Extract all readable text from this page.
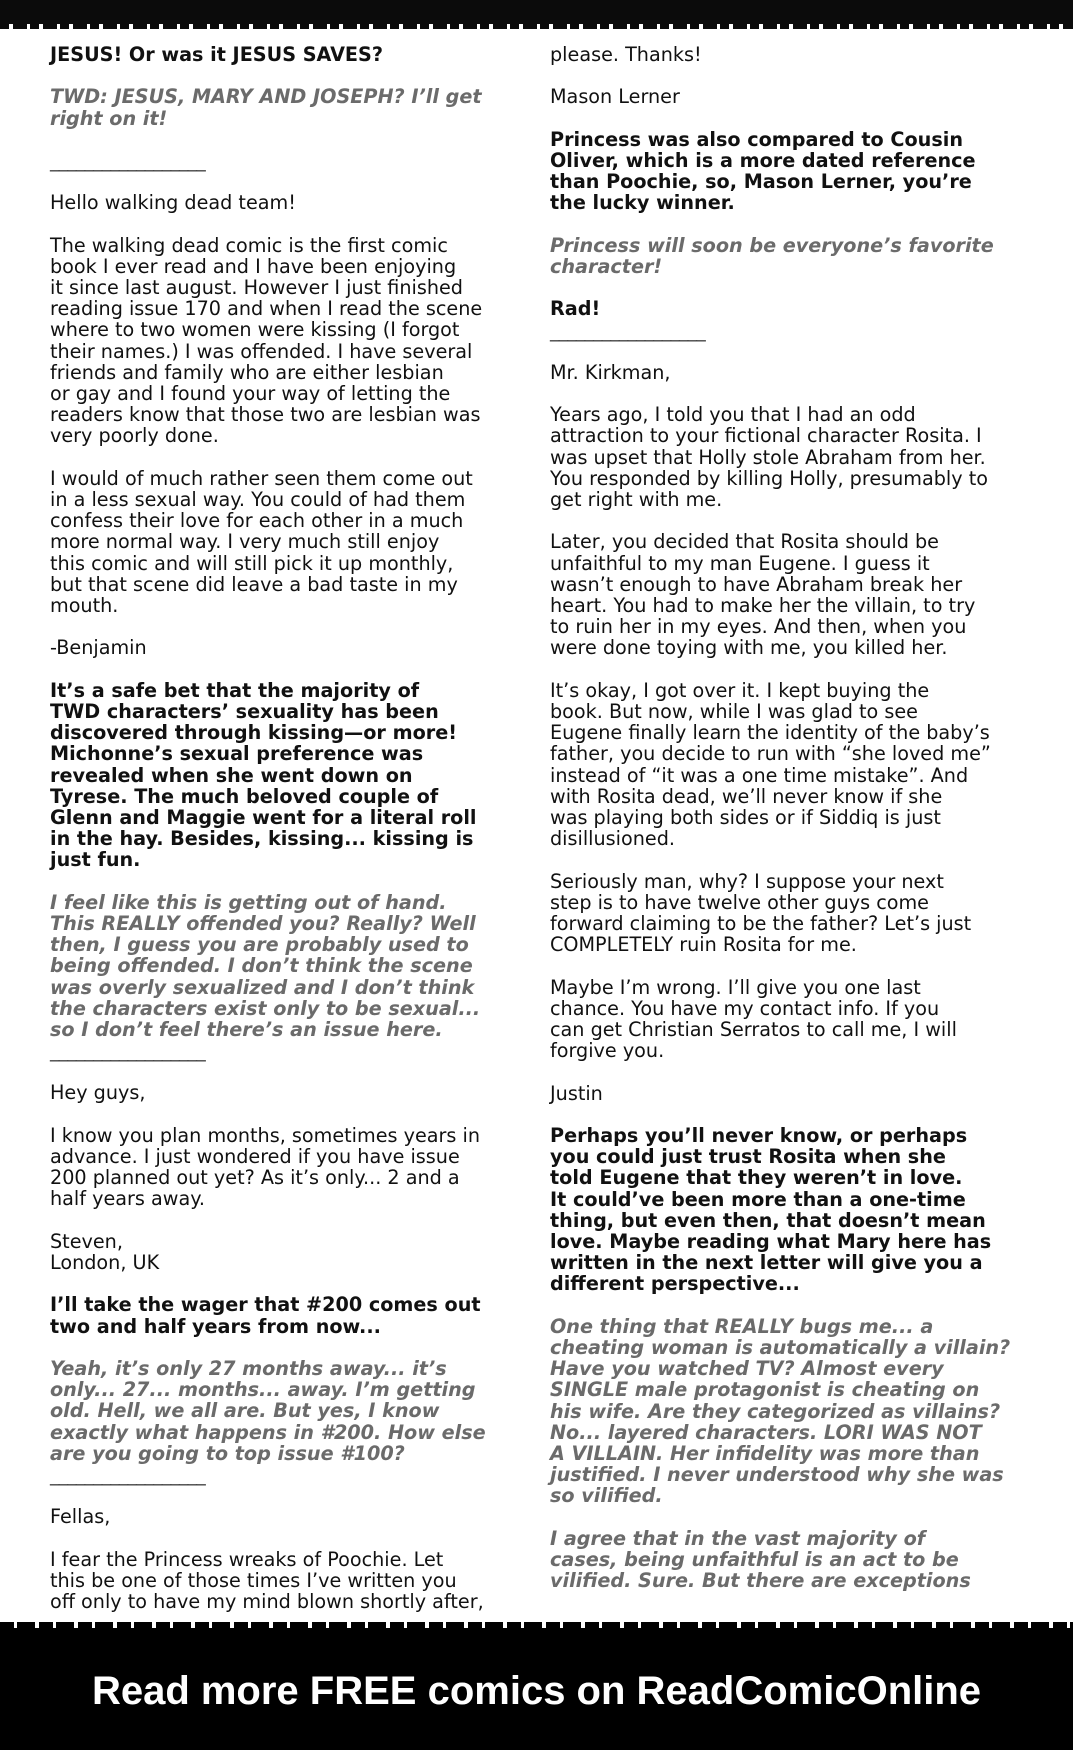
JESUS! Or was it JESUS SAVES?

TWD: JESUS, MARY AND JOSEPH? I’ll get right on it!

__________________

Hello walking dead team!

The walking dead comic is the first comic
book I ever read and I have been enjoying
it since last august. However I just finished
reading issue 170 and when I read the scene
where to two women were kissing (I forgot
their names.) I was offended. I have several
friends and family who are either lesbian
or gay and I found your way of letting the
readers know that those two are lesbian was
very poorly done.

I would of much rather seen them come out
in a less sexual way. You could of had them
confess their love for each other in a much
more normal way. I very much still enjoy
this comic and will still pick it up monthly,
but that scene did leave a bad taste in my
mouth.

-Benjamin

It’s a safe bet that the majority of
TWD characters’ sexuality has been
discovered through kissing—or more!
Michonne’s sexual preference was
revealed when she went down on
Tyrese. The much beloved couple of
Glenn and Maggie went for a literal roll
in the hay. Besides, kissing... kissing is
just fun.

I feel like this is getting out of hand.
This REALLY offended you? Really? Well
then, I guess you are probably used to
being offended. I don’t think the scene
was overly sexualized and I don’t think
the characters exist only to be sexual...
so I don’t feel there’s an issue here.

__________________

Hey guys,

I know you plan months, sometimes years in
advance. I just wondered if you have issue
200 planned out yet? As it’s only... 2 and a
half years away.

Steven,
London, UK

I’ll take the wager that #200 comes out
two and half years from now...

Yeah, it’s only 27 months away... it’s
only... 27... months... away. I’m getting
old. Hell, we all are. But yes, I know
exactly what happens in #200. How else
are you going to top issue #100?

__________________

Fellas,

I fear the Princess wreaks of Poochie. Let
this be one of those times I’ve written you
off only to have my mind blown shortly after,

please. Thanks!

Mason Lerner

Princess was also compared to Cousin
Oliver, which is a more dated reference
than Poochie, so, Mason Lerner, you’re
the lucky winner.

Princess will soon be everyone’s favorite
character!

Rad!

__________________

Mr. Kirkman,

Years ago, I told you that I had an odd
attraction to your fictional character Rosita. I
was upset that Holly stole Abraham from her.
You responded by killing Holly, presumably to
get right with me.

Later, you decided that Rosita should be
unfaithful to my man Eugene. I guess it
wasn’t enough to have Abraham break her
heart. You had to make her the villain, to try
to ruin her in my eyes. And then, when you
were done toying with me, you killed her.

It’s okay, I got over it. I kept buying the
book. But now, while I was glad to see
Eugene finally learn the identity of the baby’s
father, you decide to run with “she loved me”
instead of “it was a one time mistake”. And
with Rosita dead, we’ll never know if she
was playing both sides or if Siddiq is just
disillusioned.

Seriously man, why? I suppose your next
step is to have twelve other guys come
forward claiming to be the father? Let’s just
COMPLETELY ruin Rosita for me.

Maybe I’m wrong. I’ll give you one last
chance. You have my contact info. If you
can get Christian Serratos to call me, I will
forgive you.

Justin

Perhaps you’ll never know, or perhaps
you could just trust Rosita when she
told Eugene that they weren’t in love.
It could’ve been more than a one-time
thing, but even then, that doesn’t mean
love. Maybe reading what Mary here has
written in the next letter will give you a
different perspective...

One thing that REALLY bugs me... a
cheating woman is automatically a villain?
Have you watched TV? Almost every
SINGLE male protagonist is cheating on
his wife. Are they categorized as villains?
No... layered characters. LORI WAS NOT
A VILLAIN. Her infidelity was more than
justified. I never understood why she was
so vilified.

I agree that in the vast majority of
cases, being unfaithful is an act to be
vilified. Sure. But there are exceptions

Read more FREE comics on ReadComicOnline
